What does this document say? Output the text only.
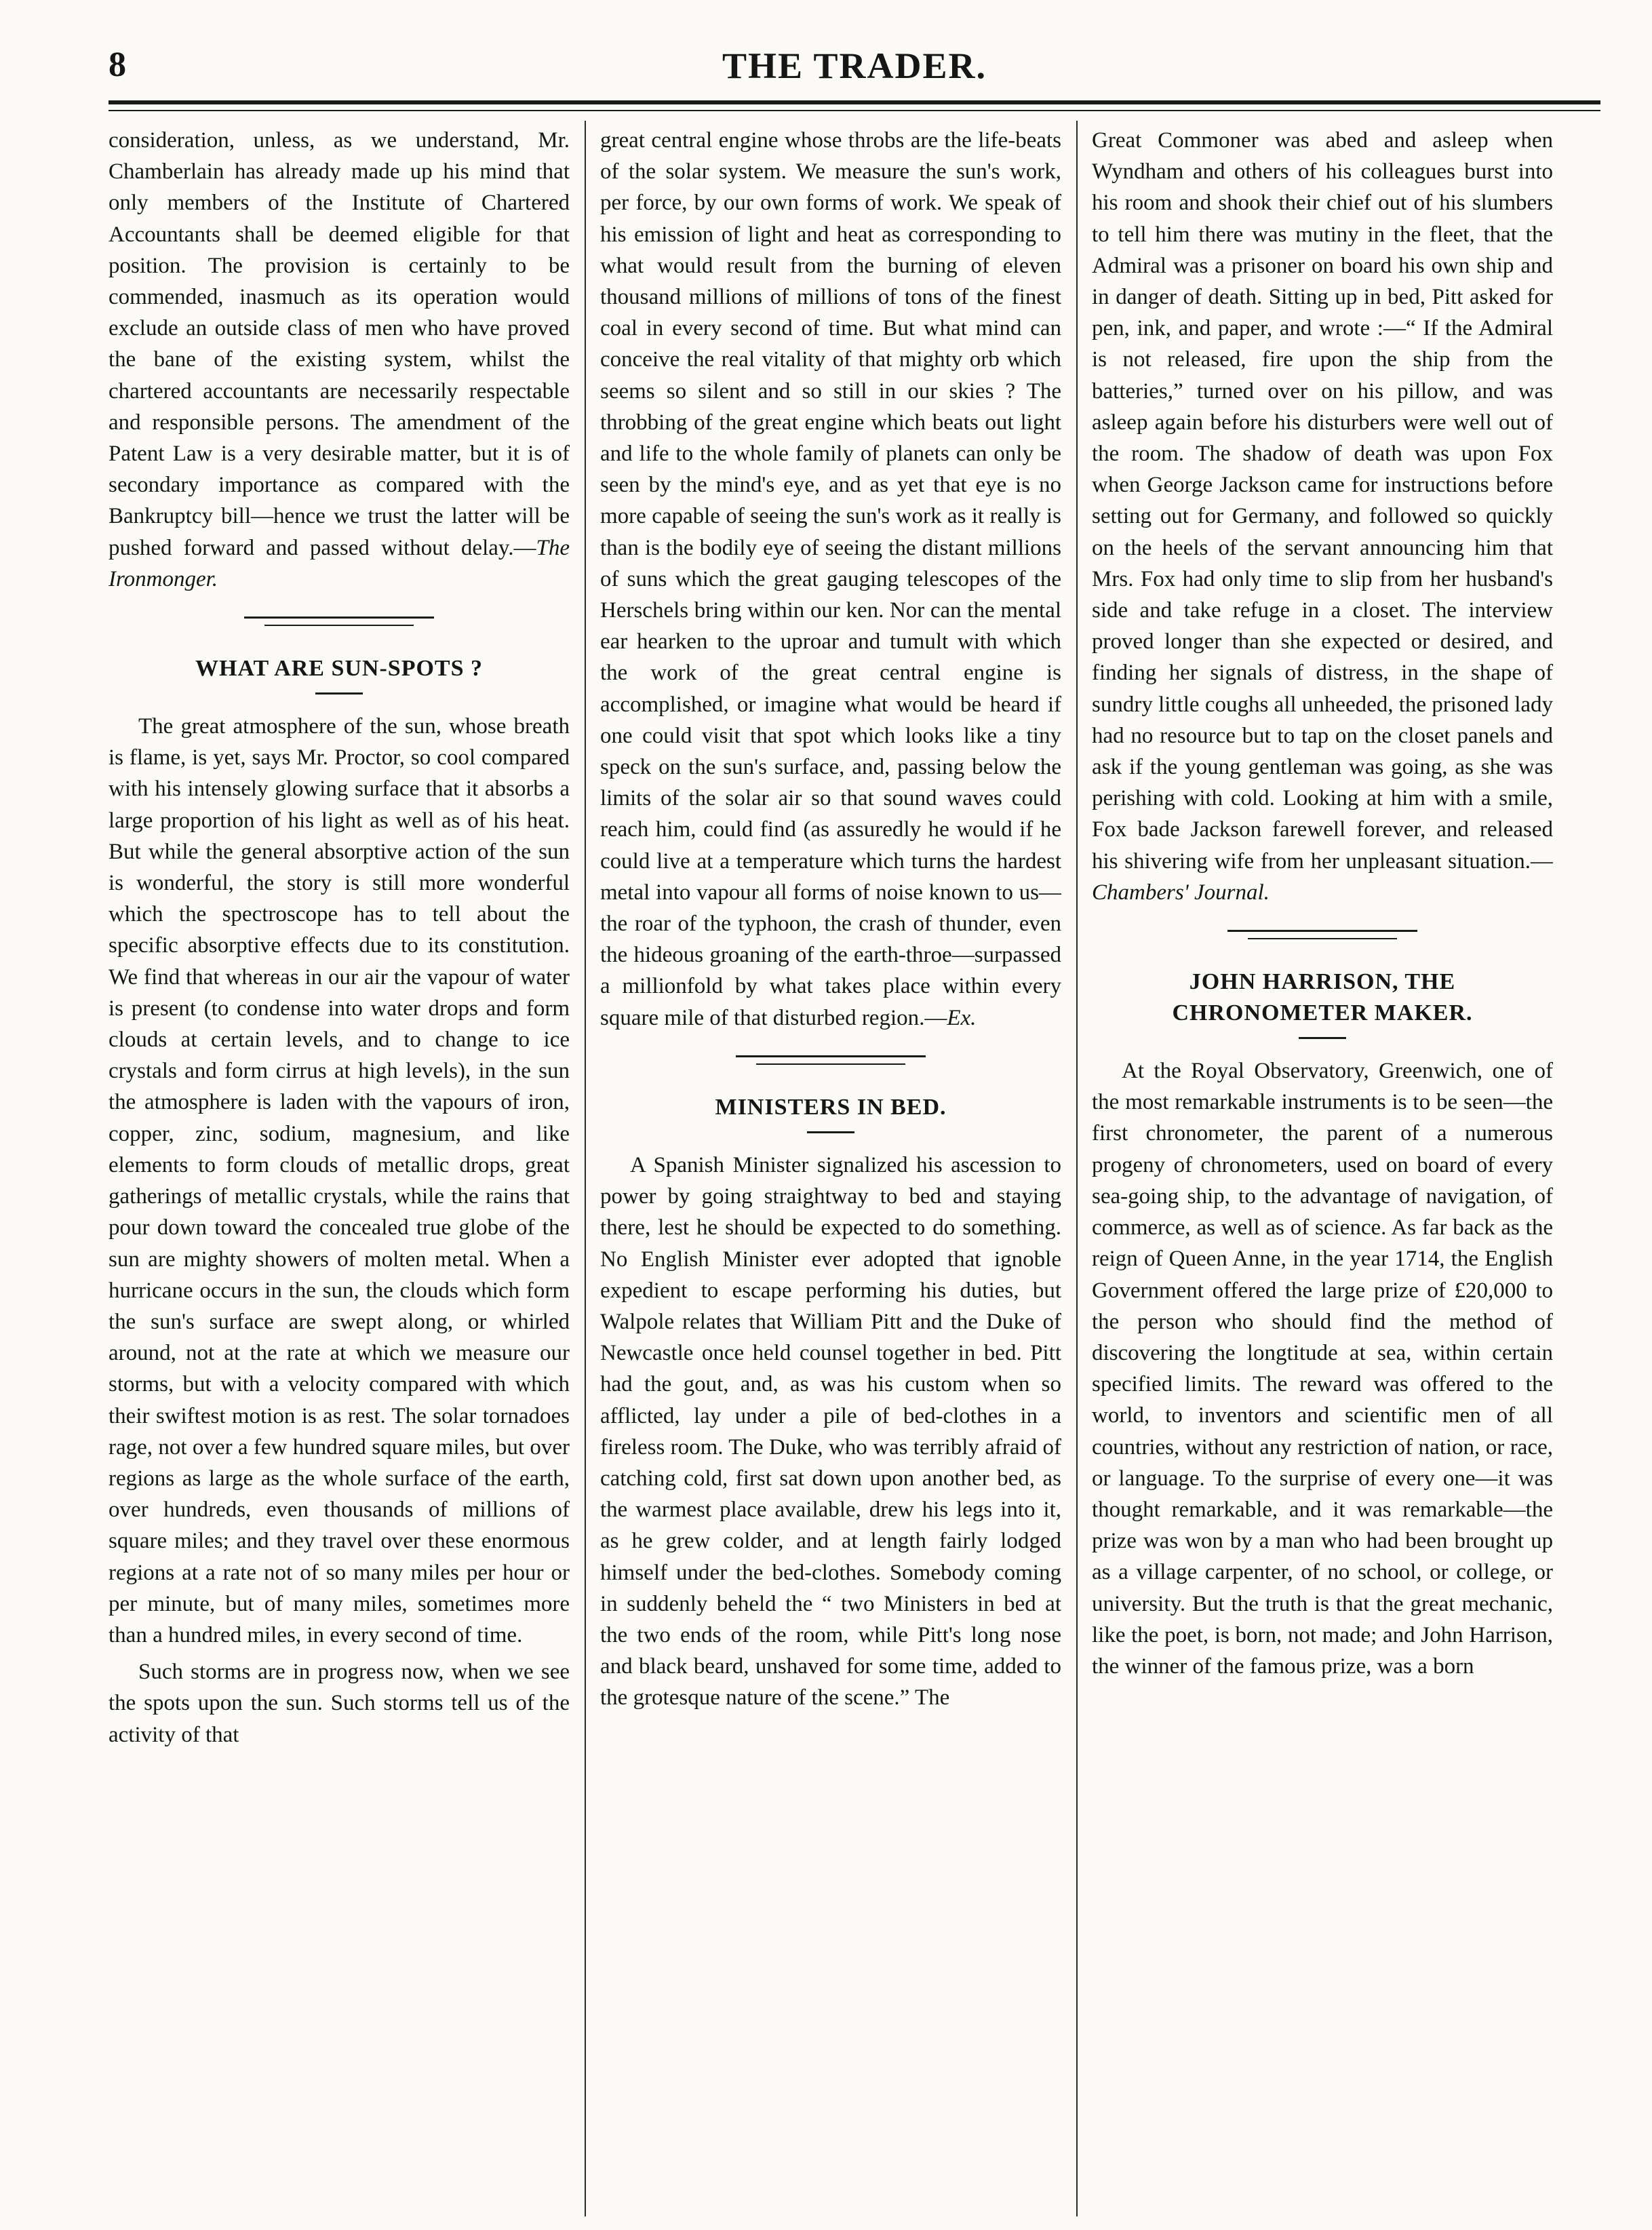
8	THE TRADER.

consideration, unless, as we understand, Mr. Chamberlain has already made up his mind that only members of the Institute of Chartered Accountants shall be deemed eligible for that position. The provision is certainly to be commended, inasmuch as its operation would exclude an outside class of men who have proved the bane of the existing system, whilst the chartered accountants are necessarily respectable and responsible persons. The amendment of the Patent Law is a very desirable matter, but it is of secondary importance as compared with the Bankruptcy bill—hence we trust the latter will be pushed forward and passed without delay.—The Ironmonger.

WHAT ARE SUN-SPOTS ?

The great atmosphere of the sun, whose breath is flame, is yet, says Mr. Proctor, so cool compared with his intensely glowing surface that it absorbs a large proportion of his light as well as of his heat. But while the general absorptive action of the sun is wonderful, the story is still more wonderful which the spectroscope has to tell about the specific absorptive effects due to its constitution. We find that whereas in our air the vapour of water is present (to condense into water drops and form clouds at certain levels, and to change to ice crystals and form cirrus at high levels), in the sun the atmosphere is laden with the vapours of iron, copper, zinc, sodium, magnesium, and like elements to form clouds of metallic drops, great gatherings of metallic crystals, while the rains that pour down toward the concealed true globe of the sun are mighty showers of molten metal. When a hurricane occurs in the sun, the clouds which form the sun's surface are swept along, or whirled around, not at the rate at which we measure our storms, but with a velocity compared with which their swiftest motion is as rest. The solar tornadoes rage, not over a few hundred square miles, but over regions as large as the whole surface of the earth, over hundreds, even thousands of millions of square miles; and they travel over these enormous regions at a rate not of so many miles per hour or per minute, but of many miles, sometimes more than a hundred miles, in every second of time.

Such storms are in progress now, when we see the spots upon the sun. Such storms tell us of the activity of that

great central engine whose throbs are the life-beats of the solar system. We measure the sun's work, per force, by our own forms of work. We speak of his emission of light and heat as corresponding to what would result from the burning of eleven thousand millions of millions of tons of the finest coal in every second of time. But what mind can conceive the real vitality of that mighty orb which seems so silent and so still in our skies ? The throbbing of the great engine which beats out light and life to the whole family of planets can only be seen by the mind's eye, and as yet that eye is no more capable of seeing the sun's work as it really is than is the bodily eye of seeing the distant millions of suns which the great gauging telescopes of the Herschels bring within our ken. Nor can the mental ear hearken to the uproar and tumult with which the work of the great central engine is accomplished, or imagine what would be heard if one could visit that spot which looks like a tiny speck on the sun's surface, and, passing below the limits of the solar air so that sound waves could reach him, could find (as assuredly he would if he could live at a temperature which turns the hardest metal into vapour all forms of noise known to us—the roar of the typhoon, the crash of thunder, even the hideous groaning of the earth-throe—surpassed a millionfold by what takes place within every square mile of that disturbed region.—Ex.

MINISTERS IN BED.

A Spanish Minister signalized his ascession to power by going straightway to bed and staying there, lest he should be expected to do something. No English Minister ever adopted that ignoble expedient to escape performing his duties, but Walpole relates that William Pitt and the Duke of Newcastle once held counsel together in bed. Pitt had the gout, and, as was his custom when so afflicted, lay under a pile of bed-clothes in a fireless room. The Duke, who was terribly afraid of catching cold, first sat down upon another bed, as the warmest place available, drew his legs into it, as he grew colder, and at length fairly lodged himself under the bed-clothes. Somebody coming in suddenly beheld the “ two Ministers in bed at the two ends of the room, while Pitt's long nose and black beard, unshaved for some time, added to the grotesque nature of the scene.” The

Great Commoner was abed and asleep when Wyndham and others of his colleagues burst into his room and shook their chief out of his slumbers to tell him there was mutiny in the fleet, that the Admiral was a prisoner on board his own ship and in danger of death. Sitting up in bed, Pitt asked for pen, ink, and paper, and wrote :—“ If the Admiral is not released, fire upon the ship from the batteries,” turned over on his pillow, and was asleep again before his disturbers were well out of the room. The shadow of death was upon Fox when George Jackson came for instructions before setting out for Germany, and followed so quickly on the heels of the servant announcing him that Mrs. Fox had only time to slip from her husband's side and take refuge in a closet. The interview proved longer than she expected or desired, and finding her signals of distress, in the shape of sundry little coughs all unheeded, the prisoned lady had no resource but to tap on the closet panels and ask if the young gentleman was going, as she was perishing with cold. Looking at him with a smile, Fox bade Jackson farewell forever, and released his shivering wife from her unpleasant situation.—Chambers' Journal.

JOHN HARRISON, THE CHRONOMETER MAKER.

At the Royal Observatory, Greenwich, one of the most remarkable instruments is to be seen—the first chronometer, the parent of a numerous progeny of chronometers, used on board of every sea-going ship, to the advantage of navigation, of commerce, as well as of science. As far back as the reign of Queen Anne, in the year 1714, the English Government offered the large prize of £20,000 to the person who should find the method of discovering the longtitude at sea, within certain specified limits. The reward was offered to the world, to inventors and scientific men of all countries, without any restriction of nation, or race, or language. To the surprise of every one—it was thought remarkable, and it was remarkable—the prize was won by a man who had been brought up as a village carpenter, of no school, or college, or university. But the truth is that the great mechanic, like the poet, is born, not made; and John Harrison, the winner of the famous prize, was a born
